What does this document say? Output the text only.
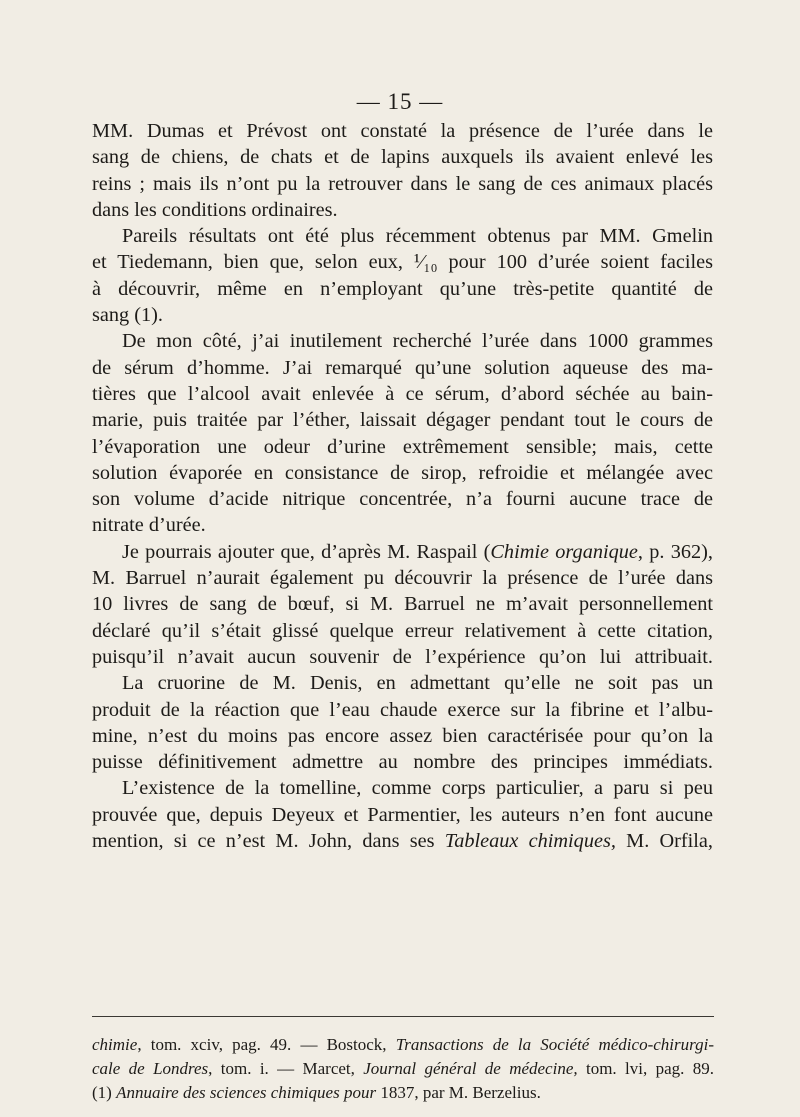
— 15 —
MM. Dumas et Prévost ont constaté la présence de l’urée dans le
sang de chiens, de chats et de lapins auxquels ils avaient enlevé les
reins ; mais ils n’ont pu la retrouver dans le sang de ces animaux placés
dans les conditions ordinaires.
Pareils résultats ont été plus récemment obtenus par MM. Gmelin
et Tiedemann, bien que, selon eux, ¹⁄₁₀ pour 100 d’urée soient faciles
à découvrir, même en n’employant qu’une très-petite quantité de
sang (1).
De mon côté, j’ai inutilement recherché l’urée dans 1000 grammes
de sérum d’homme. J’ai remarqué qu’une solution aqueuse des ma-
tières que l’alcool avait enlevée à ce sérum, d’abord séchée au bain-
marie, puis traitée par l’éther, laissait dégager pendant tout le cours de
l’évaporation une odeur d’urine extrêmement sensible; mais, cette
solution évaporée en consistance de sirop, refroidie et mélangée avec
son volume d’acide nitrique concentrée, n’a fourni aucune trace de
nitrate d’urée.
Je pourrais ajouter que, d’après M. Raspail (Chimie organique, p. 362),
M. Barruel n’aurait également pu découvrir la présence de l’urée dans
10 livres de sang de bœuf, si M. Barruel ne m’avait personnellement
déclaré qu’il s’était glissé quelque erreur relativement à cette citation,
puisqu’il n’avait aucun souvenir de l’expérience qu’on lui attribuait.
La cruorine de M. Denis, en admettant qu’elle ne soit pas un
produit de la réaction que l’eau chaude exerce sur la fibrine et l’albu-
mine, n’est du moins pas encore assez bien caractérisée pour qu’on la
puisse définitivement admettre au nombre des principes immédiats.
L’existence de la tomelline, comme corps particulier, a paru si peu
prouvée que, depuis Deyeux et Parmentier, les auteurs n’en font aucune
mention, si ce n’est M. John, dans ses Tableaux chimiques, M. Orfila,
chimie, tom. xciv, pag. 49. — Bostock, Transactions de la Société médico-chirurgi-
cale de Londres, tom. i. — Marcet, Journal général de médecine, tom. lvi, pag. 89.
(1) Annuaire des sciences chimiques pour 1837, par M. Berzelius.
